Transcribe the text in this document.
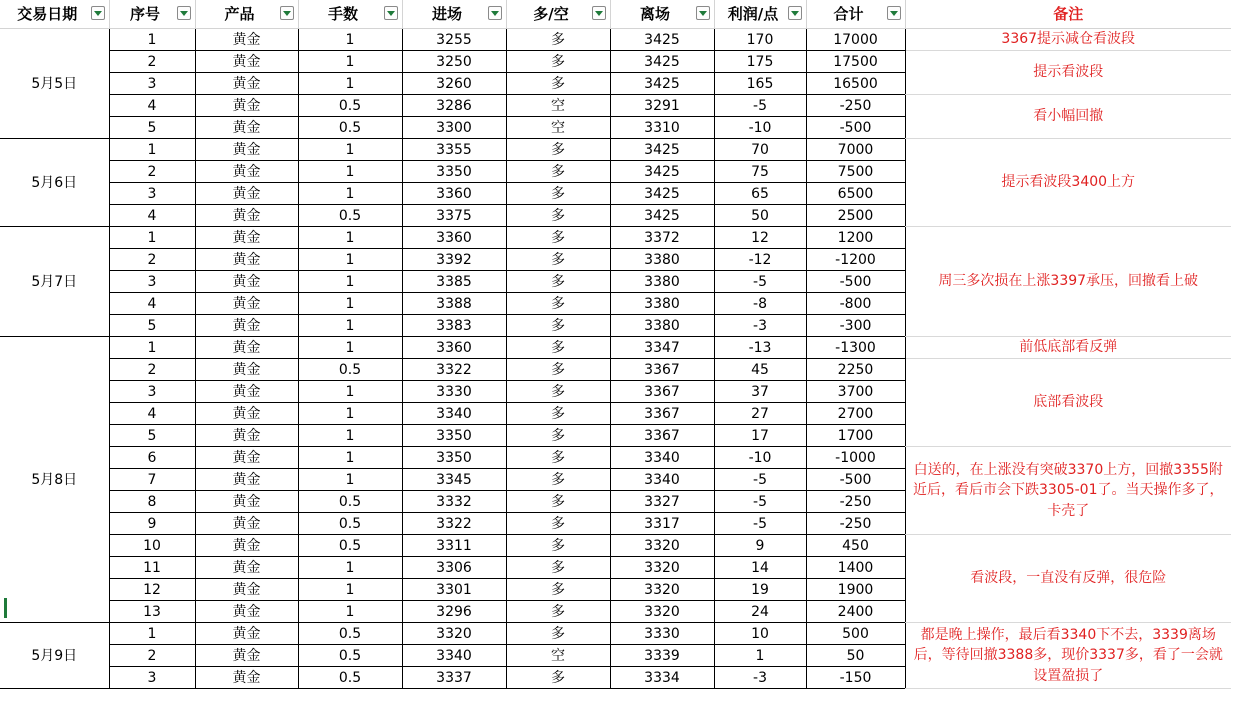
交易日期	序号	产品	手数	进场	多/空	离场	利润/点	合计	备注
5月5日	1	黄金	1	3255	多	3425	170	17000	3367提示减仓看波段
	2	黄金	1	3250	多	3425	175	17500	提示看波段
	3	黄金	1	3260	多	3425	165	16500	
	4	黄金	0.5	3286	空	3291	-5	-250	看小幅回撤
	5	黄金	0.5	3300	空	3310	-10	-500	
5月6日	1	黄金	1	3355	多	3425	70	7000	提示看波段3400上方
	2	黄金	1	3350	多	3425	75	7500	
	3	黄金	1	3360	多	3425	65	6500	
	4	黄金	0.5	3375	多	3425	50	2500	
5月7日	1	黄金	1	3360	多	3372	12	1200	周三多次损在上涨3397承压，回撤看上破
	2	黄金	1	3392	多	3380	-12	-1200	
	3	黄金	1	3385	多	3380	-5	-500	
	4	黄金	1	3388	多	3380	-8	-800	
	5	黄金	1	3383	多	3380	-3	-300	
5月8日	1	黄金	1	3360	多	3347	-13	-1300	前低底部看反弹
	2	黄金	0.5	3322	多	3367	45	2250	底部看波段
	3	黄金	1	3330	多	3367	37	3700	
	4	黄金	1	3340	多	3367	27	2700	
	5	黄金	1	3350	多	3367	17	1700	
	6	黄金	1	3350	多	3340	-10	-1000	白送的，在上涨没有突破3370上方，回撤3355附近后，看后市会下跌3305-01了。当天操作多了，卡壳了
	7	黄金	1	3345	多	3340	-5	-500	
	8	黄金	0.5	3332	多	3327	-5	-250	
	9	黄金	0.5	3322	多	3317	-5	-250	
	10	黄金	0.5	3311	多	3320	9	450	看波段，一直没有反弹，很危险
	11	黄金	1	3306	多	3320	14	1400	
	12	黄金	1	3301	多	3320	19	1900	
	13	黄金	1	3296	多	3320	24	2400	
5月9日	1	黄金	0.5	3320	多	3330	10	500	都是晚上操作，最后看3340下不去，3339离场后，等待回撤3388多，现价3337多，看了一会就设置盈损了
	2	黄金	0.5	3340	空	3339	1	50	
	3	黄金	0.5	3337	多	3334	-3	-150	
